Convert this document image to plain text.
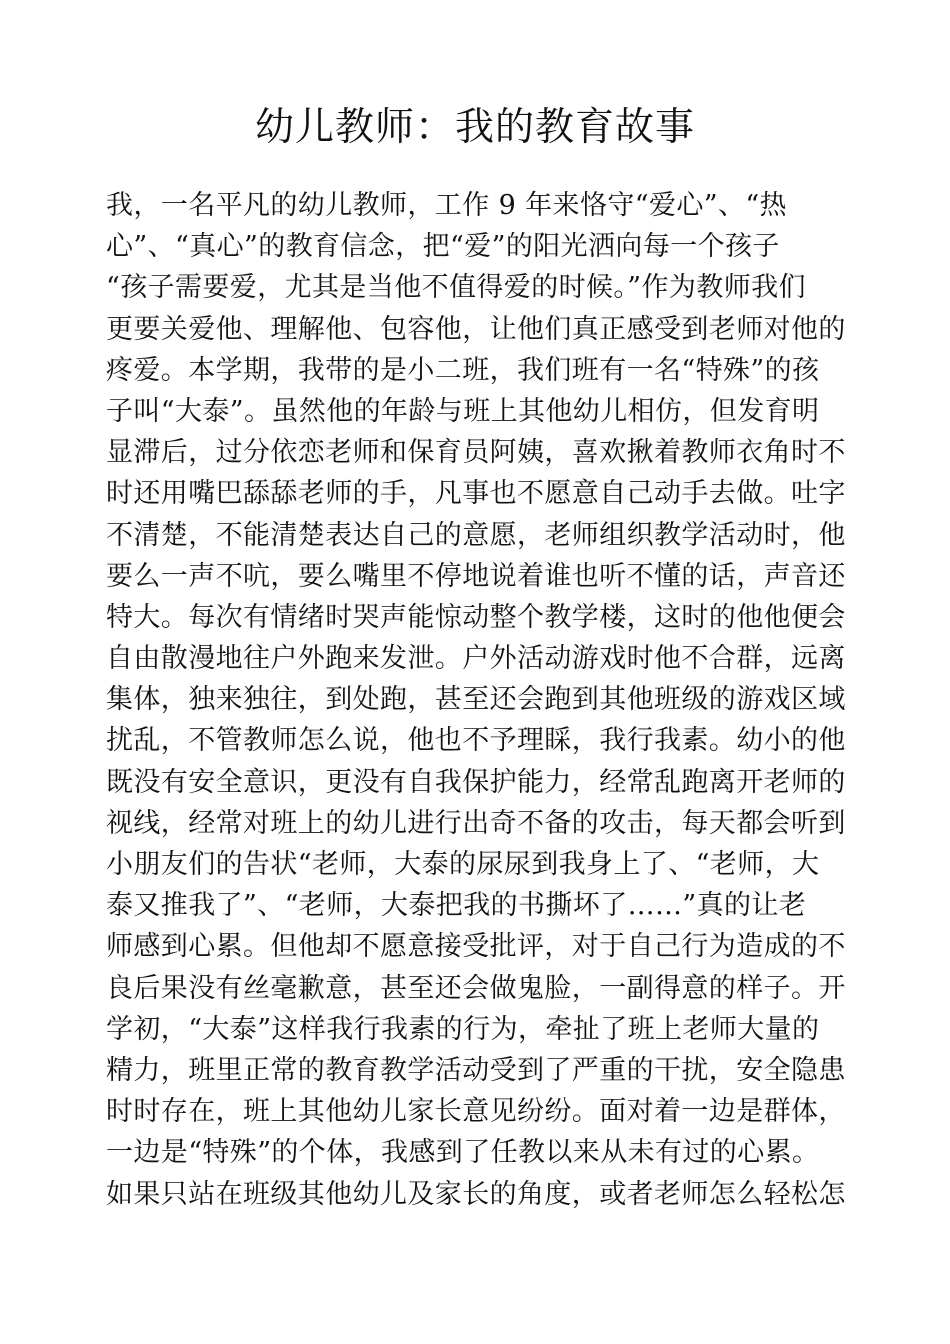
幼儿教师：我的教育故事
我，一名平凡的幼儿教师，工作 9 年来恪守“爱心”、“热
心”、“真心”的教育信念，把“爱”的阳光洒向每一个孩子
“孩子需要爱，尤其是当他不值得爱的时候。”作为教师我们
更要关爱他、理解他、包容他，让他们真正感受到老师对他的
疼爱。本学期，我带的是小二班，我们班有一名“特殊”的孩
子叫“大泰”。虽然他的年龄与班上其他幼儿相仿，但发育明
显滞后，过分依恋老师和保育员阿姨，喜欢揪着教师衣角时不
时还用嘴巴舔舔老师的手，凡事也不愿意自己动手去做。吐字
不清楚，不能清楚表达自己的意愿，老师组织教学活动时，他
要么一声不吭，要么嘴里不停地说着谁也听不懂的话，声音还
特大。每次有情绪时哭声能惊动整个教学楼，这时的他他便会
自由散漫地往户外跑来发泄。户外活动游戏时他不合群，远离
集体，独来独往，到处跑，甚至还会跑到其他班级的游戏区域
扰乱，不管教师怎么说，他也不予理睬，我行我素。幼小的他
既没有安全意识，更没有自我保护能力，经常乱跑离开老师的
视线，经常对班上的幼儿进行出奇不备的攻击，每天都会听到
小朋友们的告状“老师，大泰的尿尿到我身上了、“老师，大
泰又推我了”、“老师，大泰把我的书撕坏了……”真的让老
师感到心累。但他却不愿意接受批评，对于自己行为造成的不
良后果没有丝毫歉意，甚至还会做鬼脸，一副得意的样子。开
学初，“大泰”这样我行我素的行为，牵扯了班上老师大量的
精力，班里正常的教育教学活动受到了严重的干扰，安全隐患
时时存在，班上其他幼儿家长意见纷纷。面对着一边是群体，
一边是“特殊”的个体，我感到了任教以来从未有过的心累。
如果只站在班级其他幼儿及家长的角度，或者老师怎么轻松怎
